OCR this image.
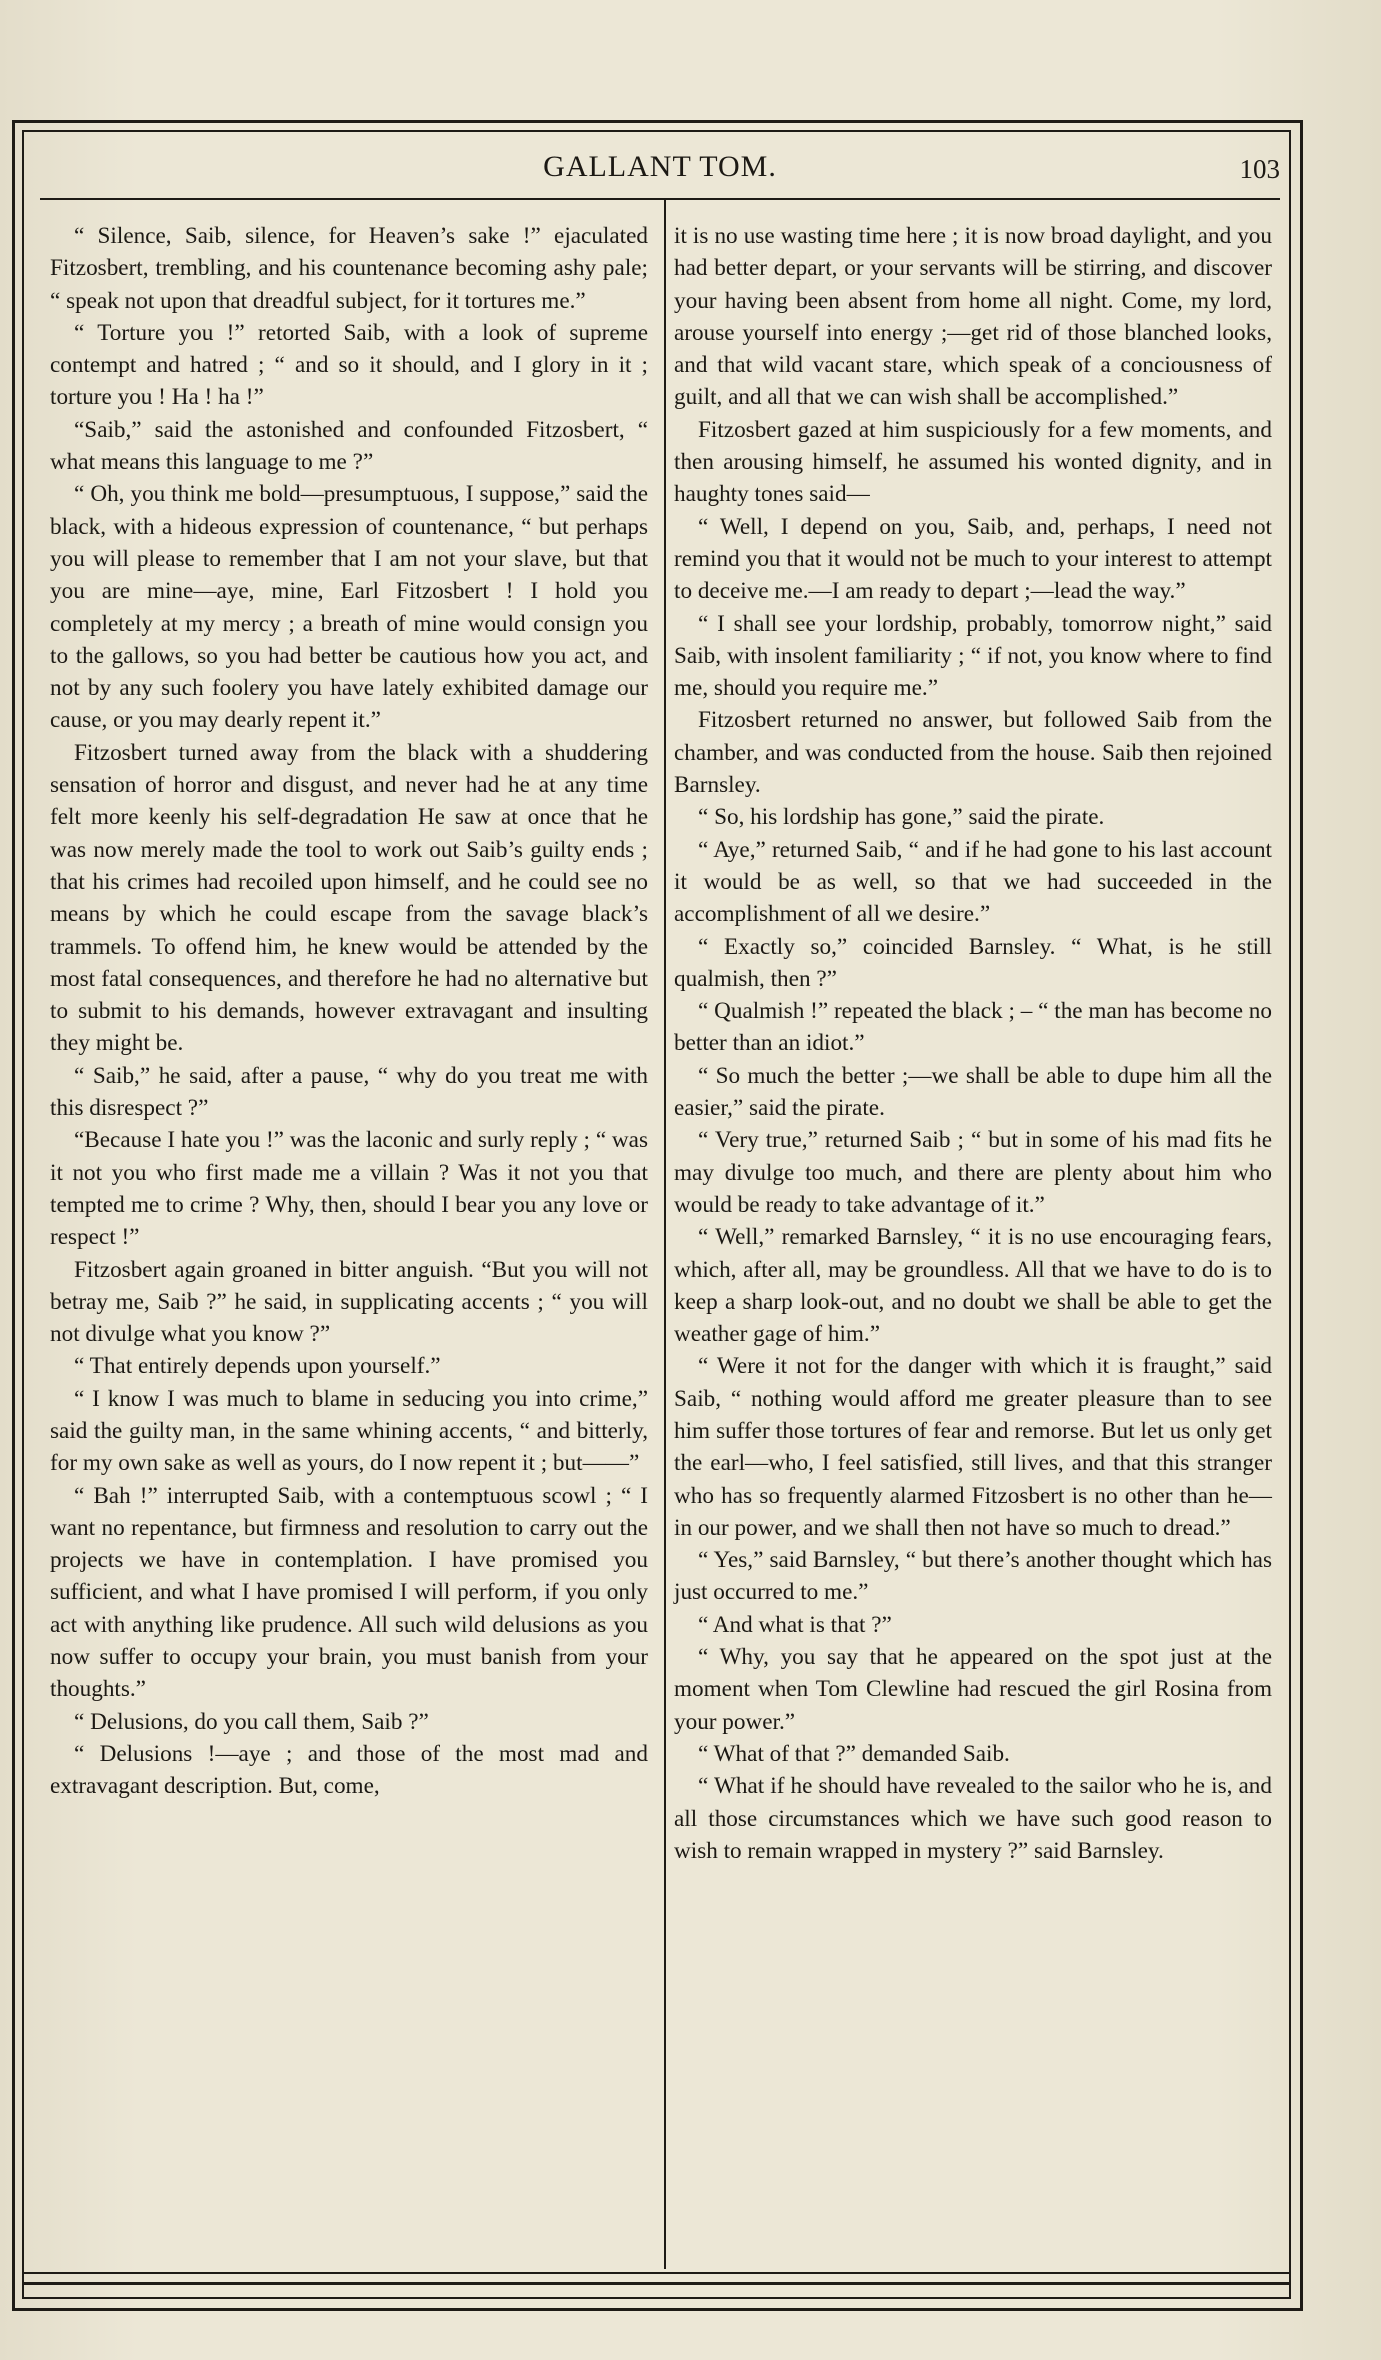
GALLANT TOM.	103

“ Silence, Saib, silence, for Heaven’s sake !” ejaculated Fitzosbert, trembling, and his countenance becoming ashy pale; “ speak not upon that dreadful subject, for it tortures me.”

“ Torture you !” retorted Saib, with a look of supreme contempt and hatred ; “ and so it should, and I glory in it ; torture you ! Ha ! ha !”

“Saib,” said the astonished and confounded Fitzosbert, “ what means this language to me ?”

“ Oh, you think me bold—presumptuous, I suppose,” said the black, with a hideous expression of countenance, “ but perhaps you will please to remember that I am not your slave, but that you are mine—aye, mine, Earl Fitzosbert ! I hold you completely at my mercy ; a breath of mine would consign you to the gallows, so you had better be cautious how you act, and not by any such foolery you have lately exhibited damage our cause, or you may dearly repent it.”

Fitzosbert turned away from the black with a shuddering sensation of horror and disgust, and never had he at any time felt more keenly his self-degradation He saw at once that he was now merely made the tool to work out Saib’s guilty ends ; that his crimes had recoiled upon himself, and he could see no means by which he could escape from the savage black’s trammels. To offend him, he knew would be attended by the most fatal consequences, and therefore he had no alternative but to submit to his demands, however extravagant and insulting they might be.

“ Saib,” he said, after a pause, “ why do you treat me with this disrespect ?”

“Because I hate you !” was the laconic and surly reply ; “ was it not you who first made me a villain ? Was it not you that tempted me to crime ? Why, then, should I bear you any love or respect !”

Fitzosbert again groaned in bitter anguish. “But you will not betray me, Saib ?” he said, in supplicating accents ; “ you will not divulge what you know ?”

“ That entirely depends upon yourself.”

“ I know I was much to blame in seducing you into crime,” said the guilty man, in the same whining accents, “ and bitterly, for my own sake as well as yours, do I now repent it ; but——”

“ Bah !” interrupted Saib, with a contemptuous scowl ; “ I want no repentance, but firmness and resolution to carry out the projects we have in contemplation. I have promised you sufficient, and what I have promised I will perform, if you only act with anything like prudence. All such wild delusions as you now suffer to occupy your brain, you must banish from your thoughts.”

“ Delusions, do you call them, Saib ?”

“ Delusions !—aye ; and those of the most mad and extravagant description. But, come,

it is no use wasting time here ; it is now broad daylight, and you had better depart, or your servants will be stirring, and discover your having been absent from home all night. Come, my lord, arouse yourself into energy ;—get rid of those blanched looks, and that wild vacant stare, which speak of a conciousness of guilt, and all that we can wish shall be accomplished.”

Fitzosbert gazed at him suspiciously for a few moments, and then arousing himself, he assumed his wonted dignity, and in haughty tones said—

“ Well, I depend on you, Saib, and, perhaps, I need not remind you that it would not be much to your interest to attempt to deceive me.—I am ready to depart ;—lead the way.”

“ I shall see your lordship, probably, tomorrow night,” said Saib, with insolent familiarity ; “ if not, you know where to find me, should you require me.”

Fitzosbert returned no answer, but followed Saib from the chamber, and was conducted from the house. Saib then rejoined Barnsley.

“ So, his lordship has gone,” said the pirate.

“ Aye,” returned Saib, “ and if he had gone to his last account it would be as well, so that we had succeeded in the accomplishment of all we desire.”

“ Exactly so,” coincided Barnsley. “ What, is he still qualmish, then ?”

“ Qualmish !” repeated the black ; – “ the man has become no better than an idiot.”

“ So much the better ;—we shall be able to dupe him all the easier,” said the pirate.

“ Very true,” returned Saib ; “ but in some of his mad fits he may divulge too much, and there are plenty about him who would be ready to take advantage of it.”

“ Well,” remarked Barnsley, “ it is no use encouraging fears, which, after all, may be groundless. All that we have to do is to keep a sharp look-out, and no doubt we shall be able to get the weather gage of him.”

“ Were it not for the danger with which it is fraught,” said Saib, “ nothing would afford me greater pleasure than to see him suffer those tortures of fear and remorse. But let us only get the earl—who, I feel satisfied, still lives, and that this stranger who has so frequently alarmed Fitzosbert is no other than he—in our power, and we shall then not have so much to dread.”

“ Yes,” said Barnsley, “ but there’s another thought which has just occurred to me.”

“ And what is that ?”

“ Why, you say that he appeared on the spot just at the moment when Tom Clewline had rescued the girl Rosina from your power.”

“ What of that ?” demanded Saib.

“ What if he should have revealed to the sailor who he is, and all those circumstances which we have such good reason to wish to remain wrapped in mystery ?” said Barnsley.
